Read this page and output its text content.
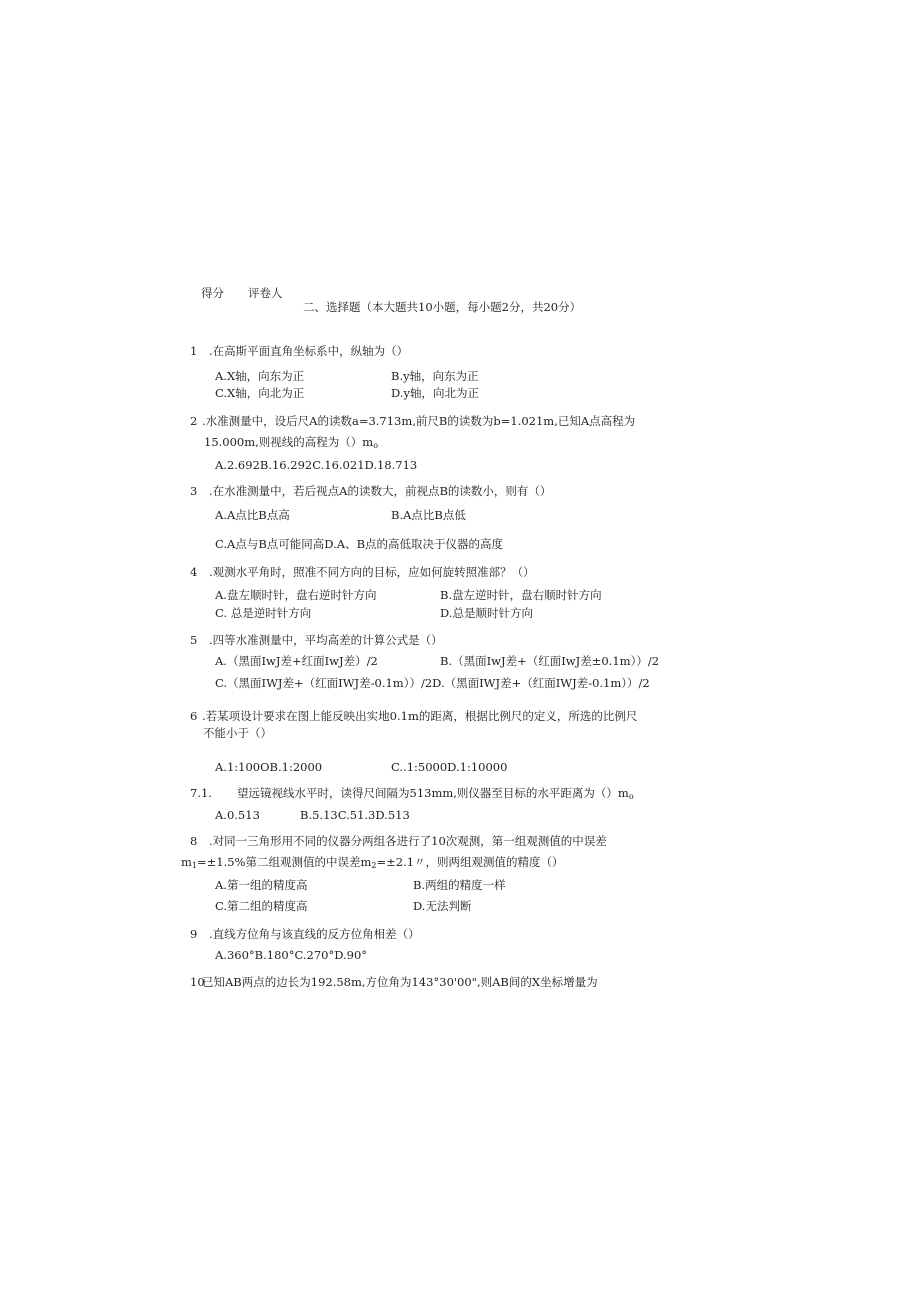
得分 评卷人
二、选择题（本大题共10小题，每小题2分，共20分）
1 .在高斯平面直角坐标系中，纵轴为（）
A.X轴，向东为正	B.y轴，向东为正
C.X轴，向北为正	D.y轴，向北为正
2 .水准测量中，设后尺A的读数a=3.713m,前尺B的读数为b=1.021m,已知A点高程为
15.000m,则视线的高程为$()m_o$
A.2.692B.16.292C.16.021D.18.713
3 .在水准测量中，若后视点A的读数大，前视点B的读数小，则有（）
A.A点比B点高	B.A点比B点低
C.A点与B点可能同高D.A、B点的高低取决于仪器的高度
4 .观测水平角时，照准不同方向的目标，应如何旋转照准部？（）
A.盘左顺时针，盘右逆时针方向	B.盘左逆时针，盘右顺时针方向
C. 总是逆时针方向	D.总是顺时针方向
5 .四等水准测量中，平均高差的计算公式是（）
A.（黑面IwJ差+红面IwJ差）/2	B.（黑面IwJ差+（红面IwJ差±0.1m））/2
C.（黑面IWJ差+（红面IWJ差-0.1m））/2D.（黑面IWJ差+（红面IWJ差-0.1m））/2
6 .若某项设计要求在图上能反映出实地0.1m的距离，根据比例尺的定义，所选的比例尺
不能小于（）
A.1:100OB.1:2000	C..1:5000D.1:10000
7.1. 望远镜视线水平时，读得尺间隔为513mm,则仪器至目标的水平距离为$()m_o$
A.0.513	B.5.13C.51.3D.513
8 .对同一三角形用不同的仪器分两组各进行了10次观测，第一组观测值的中误差
$m_1=\pm 1.5\%$第二组观测值的中误差$m_2=\pm 2.1$〃，则两组观测值的精度（）
A.第一组的精度高	B.两组的精度一样
C.第二组的精度高	D.无法判断
9 .直线方位角与该直线的反方位角相差（）
A.360°B.180°C.270°D.90°
10
已知AB两点的边长为192.58m,方位角为143°30'00",则AB间的X坐标增量为
